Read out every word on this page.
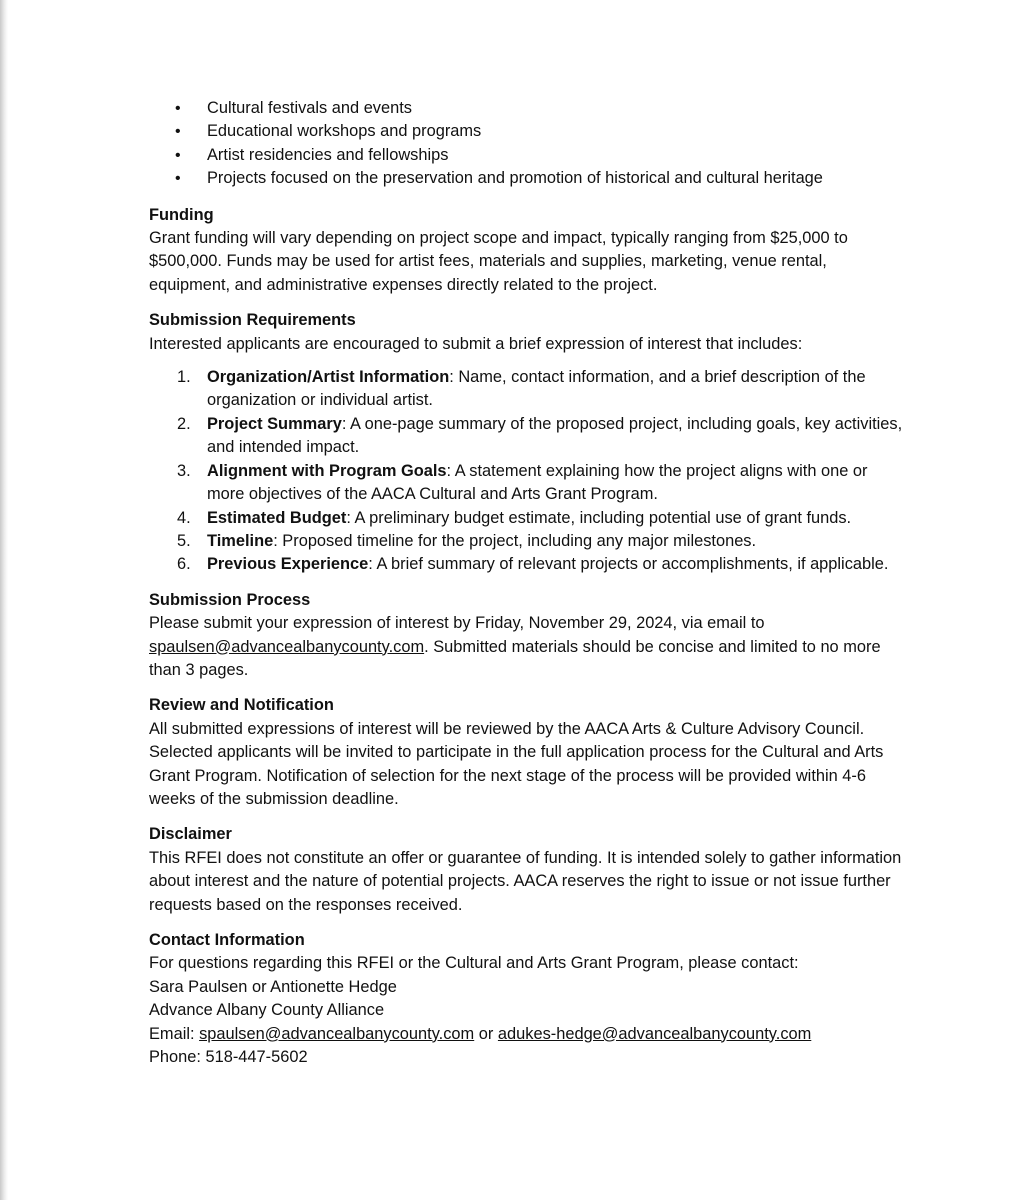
• Cultural festivals and events
• Educational workshops and programs
• Artist residencies and fellowships
• Projects focused on the preservation and promotion of historical and cultural heritage
Funding

Grant funding will vary depending on project scope and impact, typically ranging from $25,000 to $500,000. Funds may be used for artist fees, materials and supplies, marketing, venue rental, equipment, and administrative expenses directly related to the project.

Submission Requirements

Interested applicants are encouraged to submit a brief expression of interest that includes:

1. Organization/Artist Information: Name, contact information, and a brief description of the organization or individual artist.
2. Project Summary: A one-page summary of the proposed project, including goals, key activities, and intended impact.
3. Alignment with Program Goals: A statement explaining how the project aligns with one or more objectives of the AACA Cultural and Arts Grant Program.
4. Estimated Budget: A preliminary budget estimate, including potential use of grant funds.
5. Timeline: Proposed timeline for the project, including any major milestones.
6. Previous Experience: A brief summary of relevant projects or accomplishments, if applicable.
Submission Process

Please submit your expression of interest by Friday, November 29, 2024, via email to spaulsen@advancealbanycounty.com. Submitted materials should be concise and limited to no more than 3 pages.

Review and Notification

All submitted expressions of interest will be reviewed by the AACA Arts & Culture Advisory Council. Selected applicants will be invited to participate in the full application process for the Cultural and Arts Grant Program. Notification of selection for the next stage of the process will be provided within 4-6 weeks of the submission deadline.

Disclaimer

This RFEI does not constitute an offer or guarantee of funding. It is intended solely to gather information about interest and the nature of potential projects. AACA reserves the right to issue or not issue further requests based on the responses received.

Contact Information
For questions regarding this RFEI or the Cultural and Arts Grant Program, please contact:
Sara Paulsen or Antionette Hedge
Advance Albany County Alliance
Email: spaulsen@advancealbanycounty.com or adukes-hedge@advancealbanycounty.com
Phone: 518-447-5602
